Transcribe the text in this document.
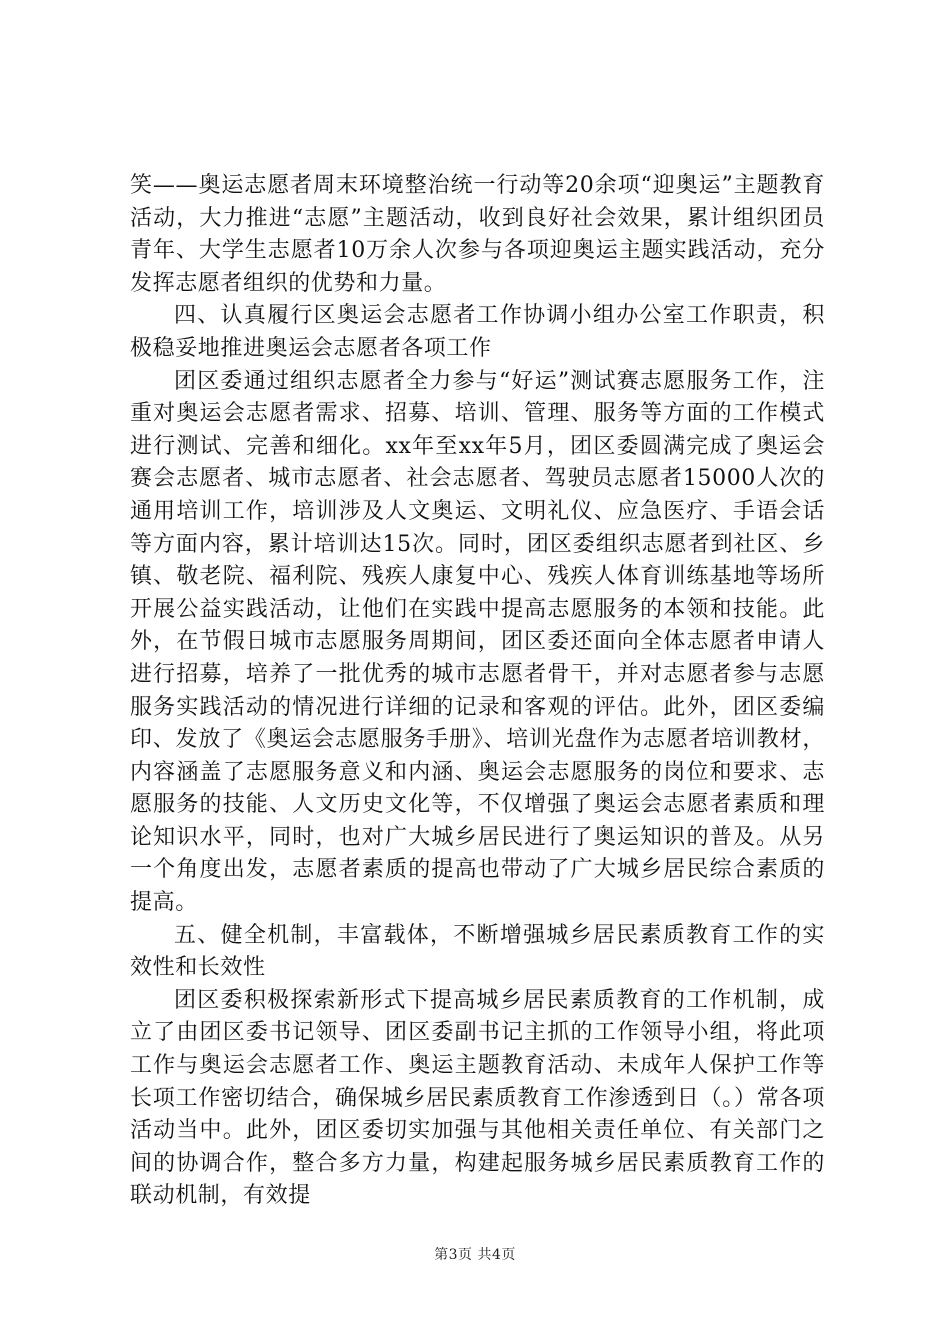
笑——奥运志愿者周末环境整治统一行动等20余项“迎奥运”主题教育活动，大力推进“志愿”主题活动，收到良好社会效果，累计组织团员青年、大学生志愿者10万余人次参与各项迎奥运主题实践活动，充分发挥志愿者组织的优势和力量。

四、认真履行区奥运会志愿者工作协调小组办公室工作职责，积极稳妥地推进奥运会志愿者各项工作

团区委通过组织志愿者全力参与“好运”测试赛志愿服务工作，注重对奥运会志愿者需求、招募、培训、管理、服务等方面的工作模式进行测试、完善和细化。xx年至xx年5月，团区委圆满完成了奥运会赛会志愿者、城市志愿者、社会志愿者、驾驶员志愿者15000人次的通用培训工作，培训涉及人文奥运、文明礼仪、应急医疗、手语会话等方面内容，累计培训达15次。同时，团区委组织志愿者到社区、乡镇、敬老院、福利院、残疾人康复中心、残疾人体育训练基地等场所开展公益实践活动，让他们在实践中提高志愿服务的本领和技能。此外，在节假日城市志愿服务周期间，团区委还面向全体志愿者申请人进行招募，培养了一批优秀的城市志愿者骨干，并对志愿者参与志愿服务实践活动的情况进行详细的记录和客观的评估。此外，团区委编印、发放了《奥运会志愿服务手册》、培训光盘作为志愿者培训教材，内容涵盖了志愿服务意义和内涵、奥运会志愿服务的岗位和要求、志愿服务的技能、人文历史文化等，不仅增强了奥运会志愿者素质和理论知识水平，同时，也对广大城乡居民进行了奥运知识的普及。从另一个角度出发，志愿者素质的提高也带动了广大城乡居民综合素质的提高。

五、健全机制，丰富载体，不断增强城乡居民素质教育工作的实效性和长效性

团区委积极探索新形式下提高城乡居民素质教育的工作机制，成立了由团区委书记领导、团区委副书记主抓的工作领导小组，将此项工作与奥运会志愿者工作、奥运主题教育活动、未成年人保护工作等长项工作密切结合，确保城乡居民素质教育工作渗透到日（。）常各项活动当中。此外，团区委切实加强与其他相关责任单位、有关部门之间的协调合作，整合多方力量，构建起服务城乡居民素质教育工作的联动机制，有效提

第3页 共4页
